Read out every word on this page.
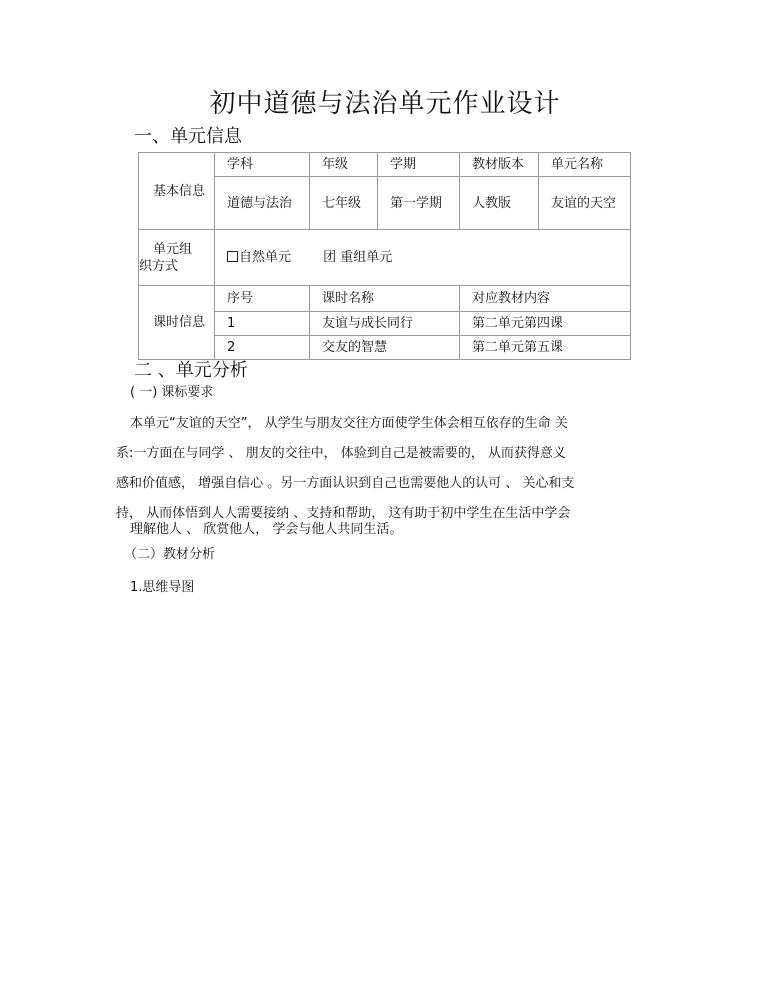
初中道德与法治单元作业设计
一、单元信息
基本信息	学科	年级	学期	教材版本	单元名称
	道德与法治	七年级	第一学期	人教版	友谊的天空

单元组
织方式	自然单元 团 重组单元				
课时信息	序号	课时名称		对应教材内容	
	1	友谊与成长同行		第二单元第四课	
	2	交友的智慧		第二单元第五课	
二 、单元分析
( 一) 课标要求

本单元“友谊的天空”， 从学生与朋友交往方面使学生体会相互依存的生命 关

系:一方面在与同学 、 朋友的交往中， 体验到自己是被需要的， 从而获得意义

感和价值感， 增强自信心 。另一方面认识到自己也需要他人的认可 、 关心和支

持， 从而体悟到人人需要接纳 、支持和帮助， 这有助于初中学生在生活中学会

理解他人 、 欣赏他人， 学会与他人共同生活。
（二）教材分析
1.思维导图
